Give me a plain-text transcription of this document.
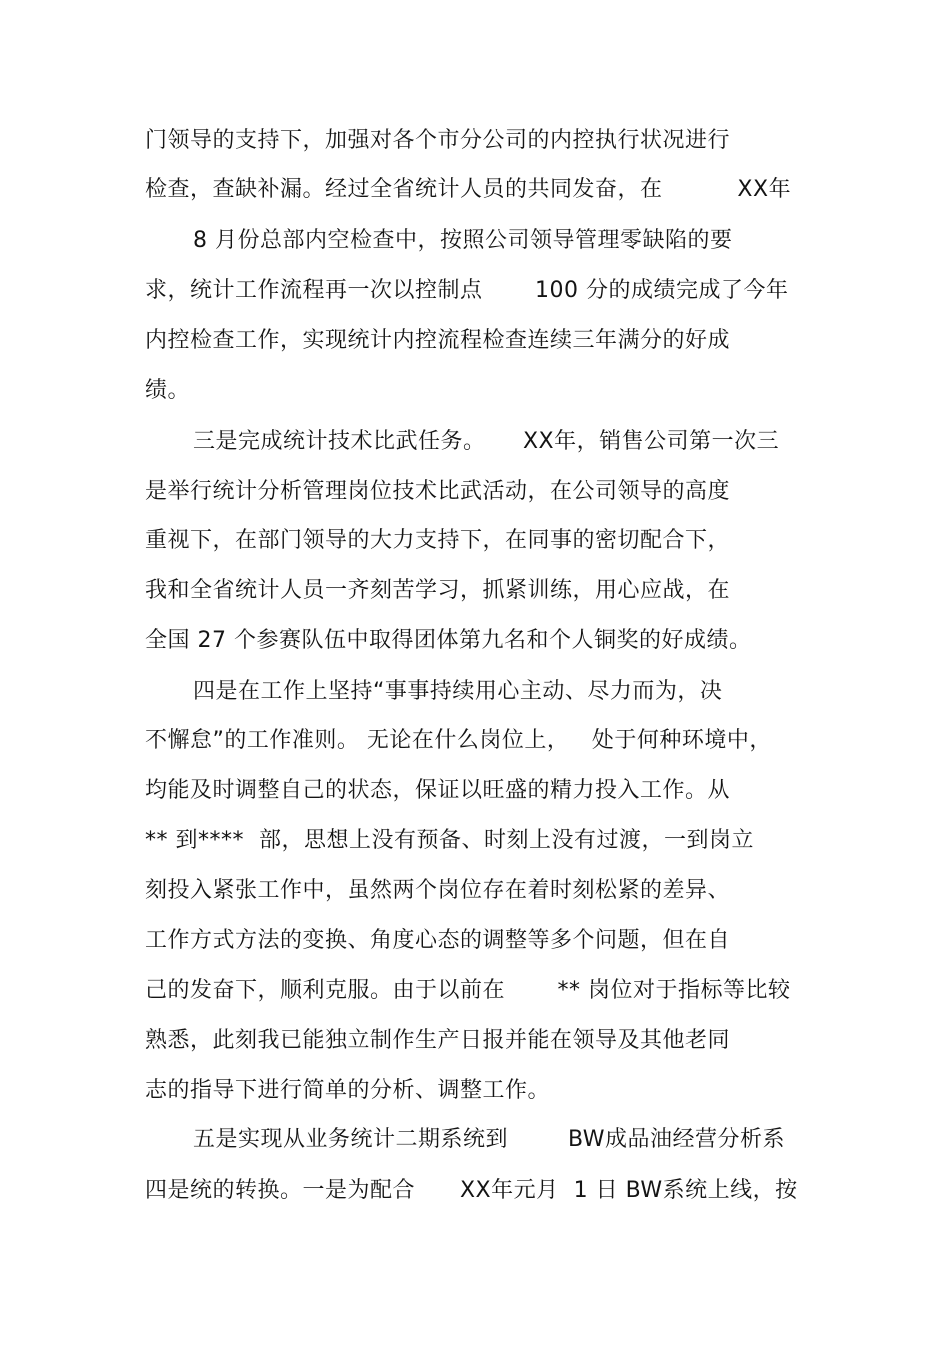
门领导的支持下，加强对各个市分公司的内控执行状况进行
检查，查缺补漏。经过全省统计人员的共同发奋，在          XX年
8 月份总部内空检查中，按照公司领导管理零缺陷的要
求，统计工作流程再一次以控制点       100 分的成绩完成了今年
内控检查工作，实现统计内控流程检查连续三年满分的好成
绩。
三是完成统计技术比武任务。     XX年，销售公司第一次三
是举行统计分析管理岗位技术比武活动，在公司领导的高度
重视下，在部门领导的大力支持下，在同事的密切配合下，
我和全省统计人员一齐刻苦学习，抓紧训练，用心应战，在
全国 27 个参赛队伍中取得团体第九名和个人铜奖的好成绩。
四是在工作上坚持“事事持续用心主动、尽力而为，决
不懈怠”的工作准则。 无论在什么岗位上，   处于何种环境中，
均能及时调整自己的状态，保证以旺盛的精力投入工作。从
** 到****  部，思想上没有预备、时刻上没有过渡，一到岗立
刻投入紧张工作中，虽然两个岗位存在着时刻松紧的差异、
工作方式方法的变换、角度心态的调整等多个问题，但在自
己的发奋下，顺利克服。由于以前在       ** 岗位对于指标等比较
熟悉，此刻我已能独立制作生产日报并能在领导及其他老同
志的指导下进行简单的分析、调整工作。
五是实现从业务统计二期系统到        BW成品油经营分析系
四是统的转换。一是为配合      XX年元月  1 日 BW系统上线，按
